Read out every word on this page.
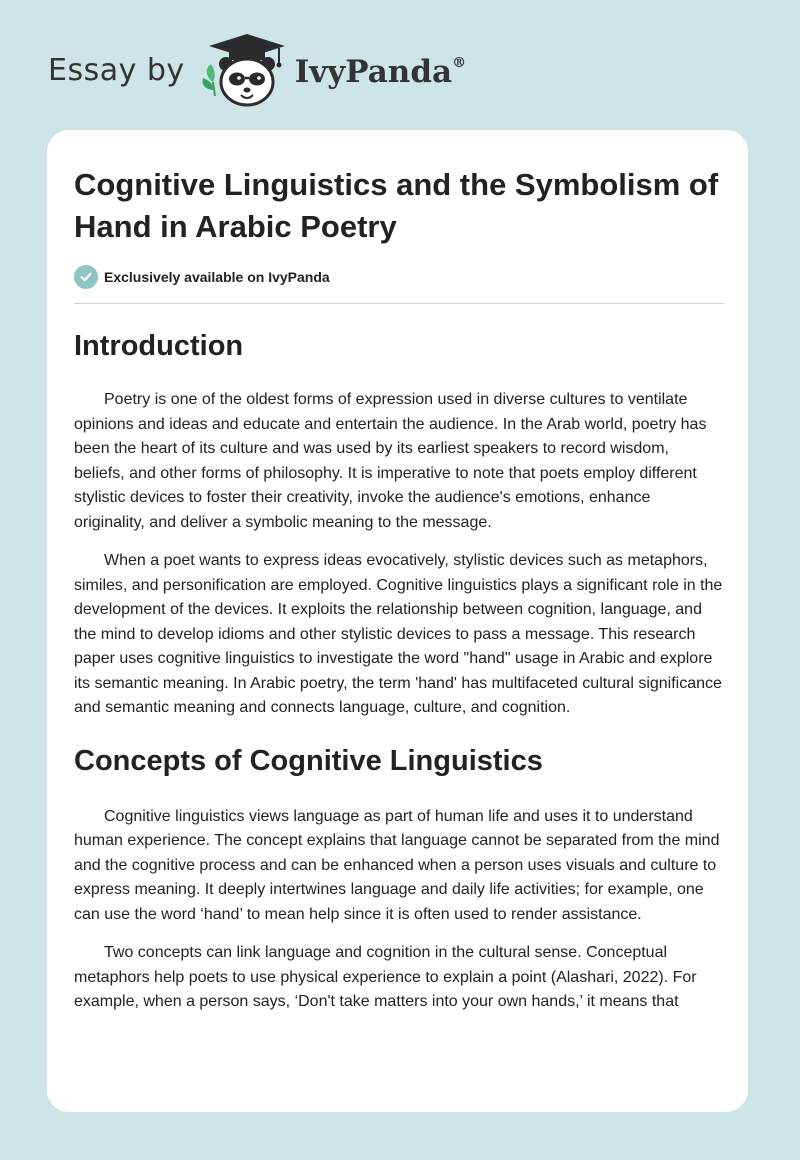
Essay by	IvyPanda®
Cognitive Linguistics and the Symbolism of Hand in Arabic Poetry
Exclusively available on IvyPanda
Introduction

Poetry is one of the oldest forms of expression used in diverse cultures to ventilate opinions and ideas and educate and entertain the audience. In the Arab world, poetry has been the heart of its culture and was used by its earliest speakers to record wisdom, beliefs, and other forms of philosophy. It is imperative to note that poets employ different stylistic devices to foster their creativity, invoke the audience's emotions, enhance originality, and deliver a symbolic meaning to the message.

When a poet wants to express ideas evocatively, stylistic devices such as metaphors, similes, and personification are employed. Cognitive linguistics plays a significant role in the development of the devices. It exploits the relationship between cognition, language, and the mind to develop idioms and other stylistic devices to pass a message. This research paper uses cognitive linguistics to investigate the word "hand" usage in Arabic and explore its semantic meaning. In Arabic poetry, the term 'hand' has multifaceted cultural significance and semantic meaning and connects language, culture, and cognition.

Concepts of Cognitive Linguistics

Cognitive linguistics views language as part of human life and uses it to understand human experience. The concept explains that language cannot be separated from the mind and the cognitive process and can be enhanced when a person uses visuals and culture to express meaning. It deeply intertwines language and daily life activities; for example, one can use the word ‘hand’ to mean help since it is often used to render assistance.

Two concepts can link language and cognition in the cultural sense. Conceptual metaphors help poets to use physical experience to explain a point (Alashari, 2022). For example, when a person says, ‘Don't take matters into your own hands,’ it means that
